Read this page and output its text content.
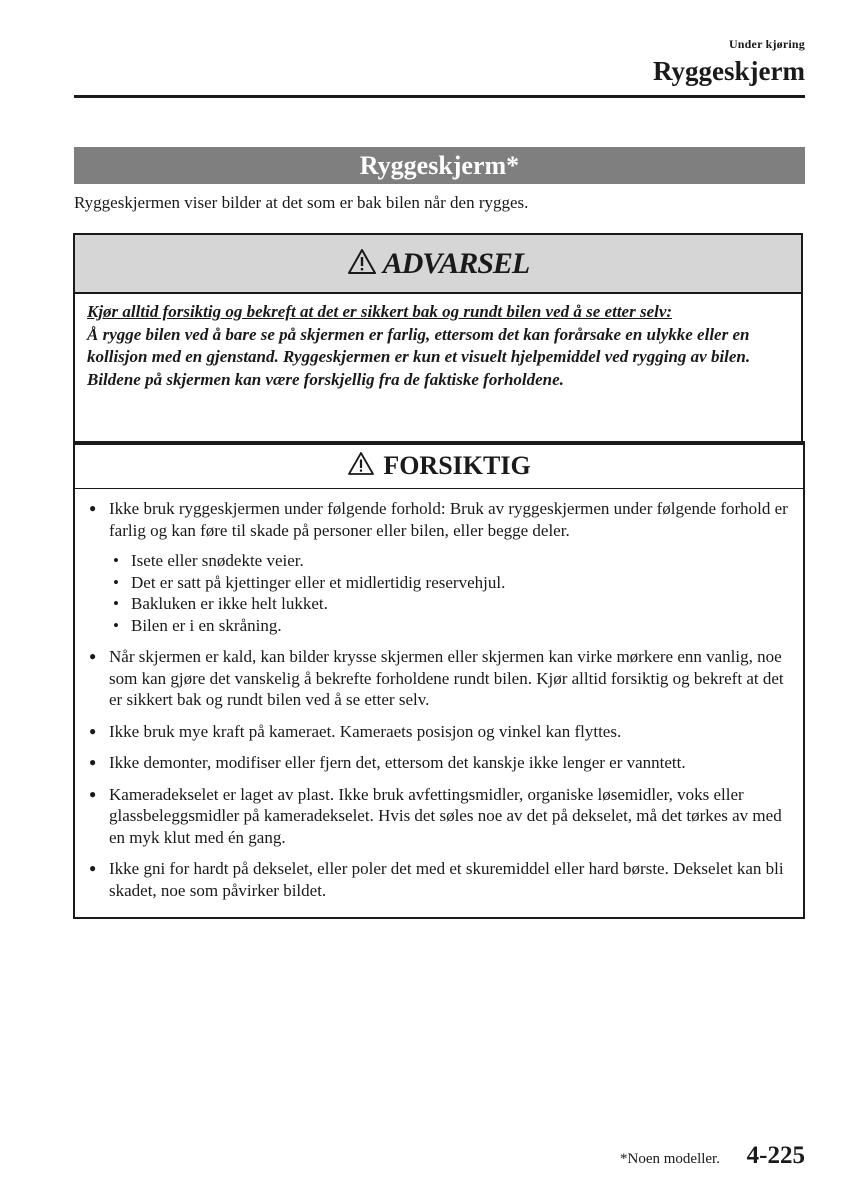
Under kjøring
Ryggeskjerm
Ryggeskjerm*
Ryggeskjermen viser bilder at det som er bak bilen når den rygges.
ADVARSEL
Kjør alltid forsiktig og bekreft at det er sikkert bak og rundt bilen ved å se etter selv:
Å rygge bilen ved å bare se på skjermen er farlig, ettersom det kan forårsake en ulykke eller en kollisjon med en gjenstand. Ryggeskjermen er kun et visuelt hjelpemiddel ved rygging av bilen. Bildene på skjermen kan være forskjellig fra de faktiske forholdene.
FORSIKTIG
● Ikke bruk ryggeskjermen under følgende forhold: Bruk av ryggeskjermen under følgende forhold er farlig og kan føre til skade på personer eller bilen, eller begge deler.
• Isete eller snødekte veier.
• Det er satt på kjettinger eller et midlertidig reservehjul.
• Bakluken er ikke helt lukket.
• Bilen er i en skråning.
● Når skjermen er kald, kan bilder krysse skjermen eller skjermen kan virke mørkere enn vanlig, noe som kan gjøre det vanskelig å bekrefte forholdene rundt bilen. Kjør alltid forsiktig og bekreft at det er sikkert bak og rundt bilen ved å se etter selv.
● Ikke bruk mye kraft på kameraet. Kameraets posisjon og vinkel kan flyttes.
● Ikke demonter, modifiser eller fjern det, ettersom det kanskje ikke lenger er vanntett.
● Kameradekselet er laget av plast. Ikke bruk avfettingsmidler, organiske løsemidler, voks eller glassbeleggsmidler på kameradekselet. Hvis det søles noe av det på dekselet, må det tørkes av med en myk klut med én gang.
● Ikke gni for hardt på dekselet, eller poler det med et skuremiddel eller hard børste. Dekselet kan bli skadet, noe som påvirker bildet.
*Noen modeller. 4-225
